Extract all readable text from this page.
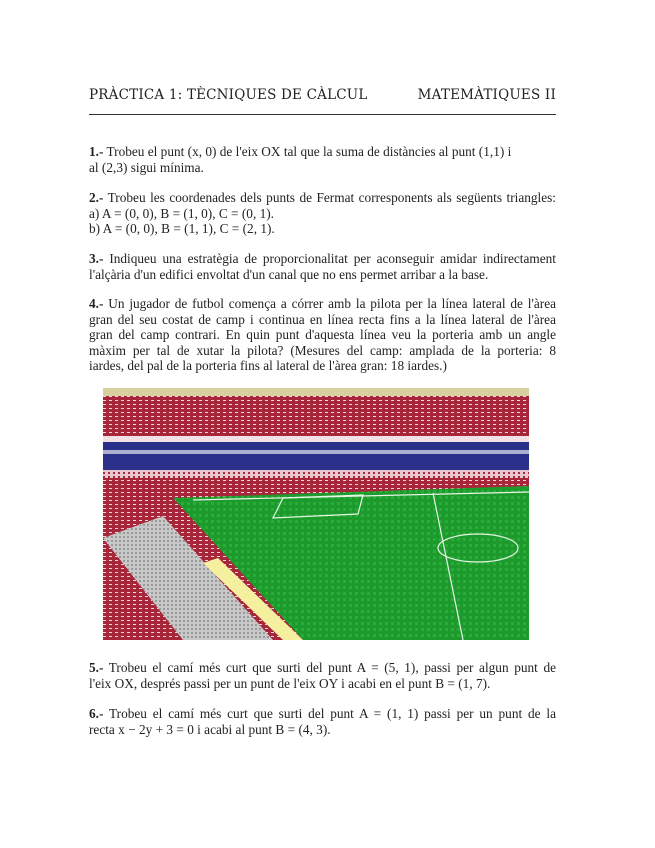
PRÀCTICA 1: TÈCNIQUES DE CÀLCUL	MATEMÀTIQUES II
1.- Trobeu el punt (x, 0) de l'eix OX tal que la suma de distàncies al punt (1,1) i
al (2,3) sigui mínima.
2.- Trobeu les coordenades dels punts de Fermat corresponents als següents triangles:
a) A = (0, 0), B = (1, 0), C = (0, 1).
b) A = (0, 0), B = (1, 1), C = (2, 1).
3.- Indiqueu una estratègia de proporcionalitat per aconseguir amidar indirectament
l'alçària d'un edifici envoltat d'un canal que no ens permet arribar a la base.
4.- Un jugador de futbol comença a córrer amb la pilota per la línea lateral de l'àrea
gran del seu costat de camp i continua en línea recta fins a la línea lateral de l'àrea
gran del camp contrari. En quin punt d'aquesta línea veu la porteria amb un angle
màxim per tal de xutar la pilota? (Mesures del camp: amplada de la porteria: 8
iardes, del pal de la porteria fins al lateral de l'àrea gran: 18 iardes.)
5.- Trobeu el camí més curt que surti del punt A = (5, 1), passi per algun punt de
l'eix OX, després passi per un punt de l'eix OY i acabi en el punt B = (1, 7).
6.- Trobeu el camí més curt que surti del punt A = (1, 1) passi per un punt de la
recta x − 2y + 3 = 0 i acabi al punt B = (4, 3).
